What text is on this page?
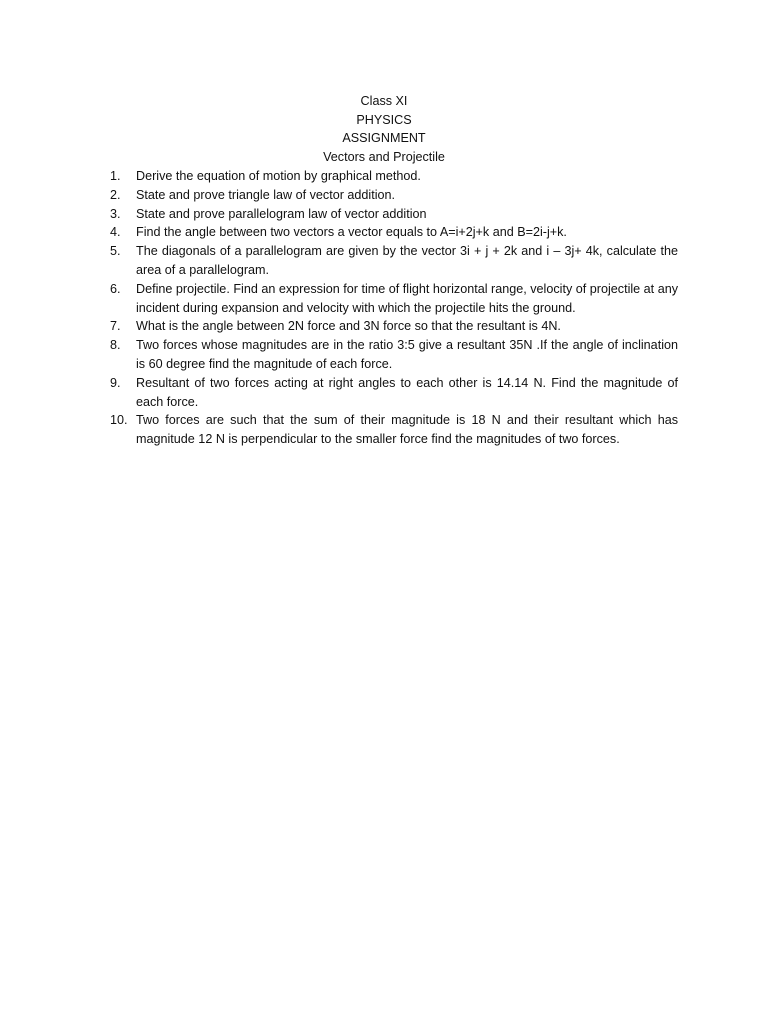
Class XI
PHYSICS
ASSIGNMENT
Vectors and Projectile
1.	Derive the equation of motion by graphical method.
2.	State and prove triangle law of vector addition.
3.	State and prove parallelogram law of vector addition
4.	Find the angle between two vectors a vector equals to A=i+2j+k and B=2i-j+k.
5.	The diagonals of a parallelogram are given by the vector 3i + j + 2k and i – 3j+ 4k, calculate the area of a parallelogram.
6.	Define projectile. Find an expression for time of flight horizontal range, velocity of projectile at any incident during expansion and velocity with which the projectile hits the ground.
7.	What is the angle between 2N force and 3N force so that the resultant is 4N.
8.	Two forces whose magnitudes are in the ratio 3:5 give a resultant 35N .If the angle of inclination is 60 degree find the magnitude of each force.
9.	Resultant of two forces acting at right angles to each other is 14.14 N. Find the magnitude of each force.
10. Two forces are such that the sum of their magnitude is 18 N and their resultant which has magnitude 12 N is perpendicular to the smaller force find the magnitudes of two forces.
